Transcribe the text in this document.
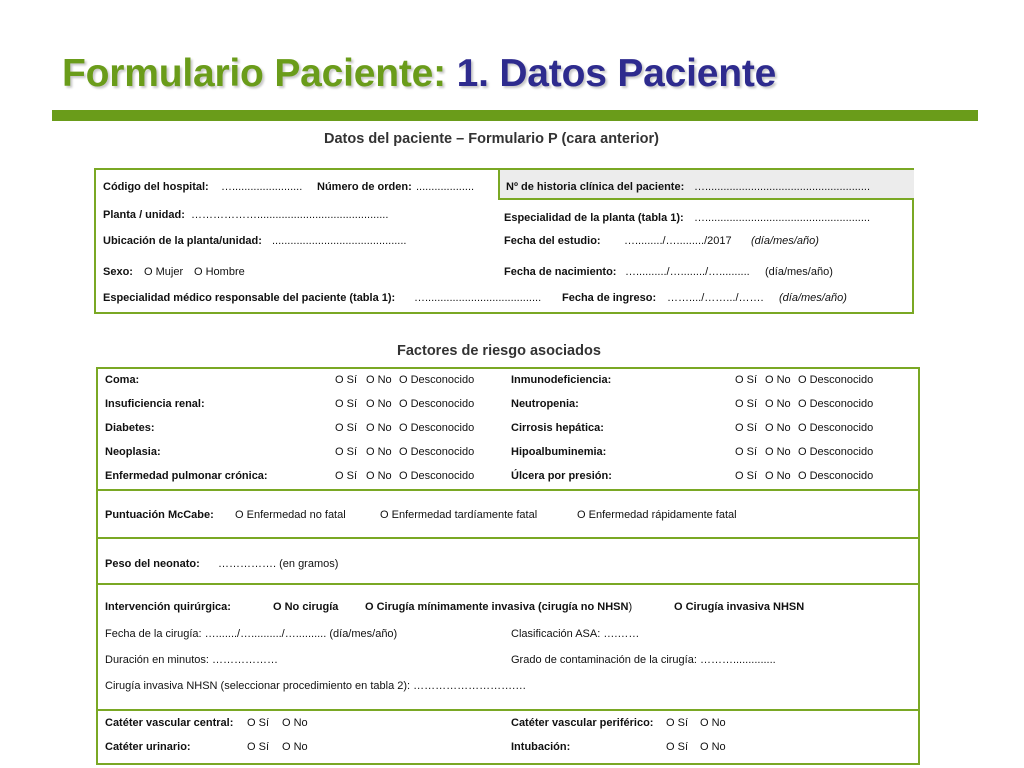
Formulario Paciente: 1. Datos Paciente
Datos del paciente – Formulario P (cara anterior)
Código del hospital: …....................... Número de orden: ...................	Nº de historia clínica del paciente: …......................................................
Planta / unidad: ………………...........................................	Especialidad de la planta (tabla 1): …......................................................
Ubicación de la planta/unidad: ............................................	Fecha del estudio: …........./…........./2017 (día/mes/año)
Sexo: O Mujer O Hombre	Fecha de nacimiento: …........../…......../….......... (día/mes/año)
Especialidad médico responsable del paciente (tabla 1): …...................................... Fecha de ingreso: ……..../…….../……. (día/mes/año)
Factores de riesgo asociados
Coma:	O Sí O No O Desconocido	Inmunodeficiencia:	O Sí O No O Desconocido
Insuficiencia renal:	O Sí O No O Desconocido	Neutropenia:	O Sí O No O Desconocido
Diabetes:	O Sí O No O Desconocido	Cirrosis hepática:	O Sí O No O Desconocido
Neoplasia:	O Sí O No O Desconocido	Hipoalbuminemia:	O Sí O No O Desconocido
Enfermedad pulmonar crónica:	O Sí O No O Desconocido	Úlcera por presión:	O Sí O No O Desconocido
Puntuación McCabe: O Enfermedad no fatal	O Enfermedad tardíamente fatal	O Enfermedad rápidamente fatal
Peso del neonato: ……………. (en gramos)
Intervención quirúrgica:	O No cirugía O Cirugía mínimamente invasiva (cirugía no NHSN)	O Cirugía invasiva NHSN
Fecha de la cirugía: …......./…........../….......... (día/mes/año)	Clasificación ASA: ….……
Duración en minutos: ………………	Grado de contaminación de la cirugía: ………..............
Cirugía invasiva NHSN (seleccionar procedimiento en tabla 2): ……………………….…
Catéter vascular central: O Sí O No	Catéter vascular periférico: O Sí O No
Catéter urinario:	O Sí O No	Intubación:	O Sí O No
